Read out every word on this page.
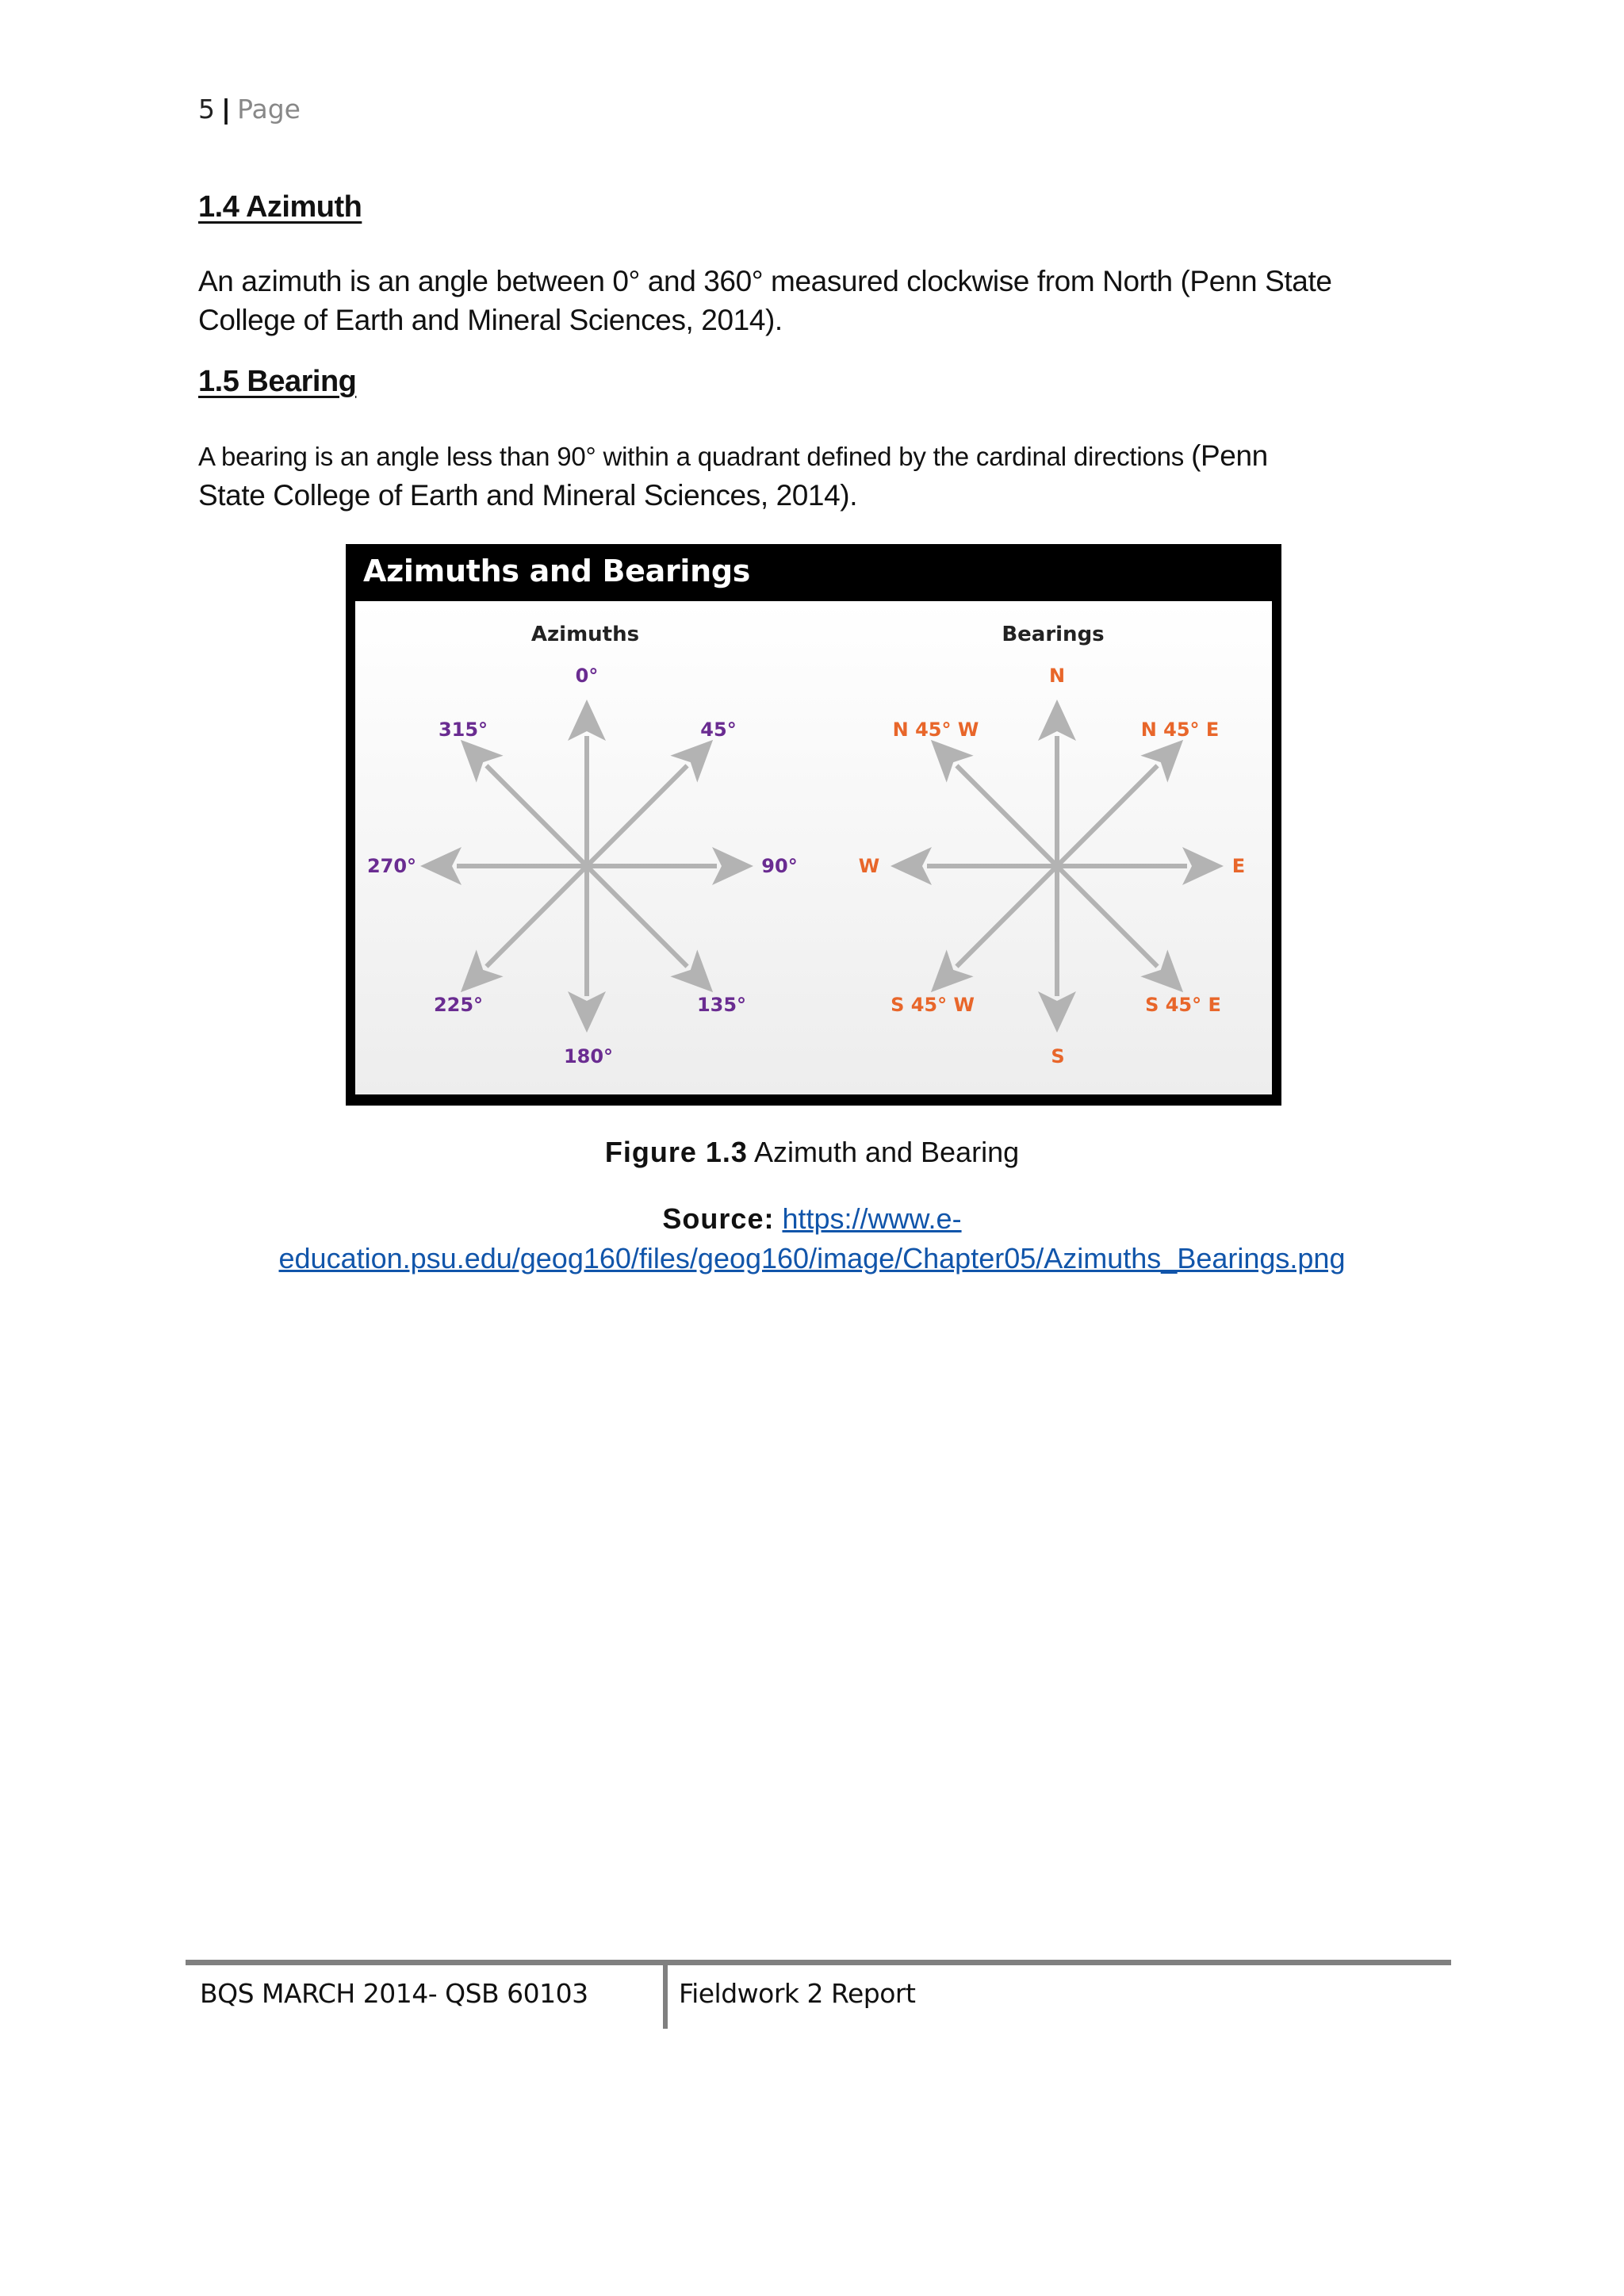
5 | Page
1.4 Azimuth
An azimuth is an angle between 0° and 360° measured clockwise from North (Penn State
College of Earth and Mineral Sciences, 2014).
1.5 Bearing
A bearing is an angle less than 90° within a quadrant defined by the cardinal directions (Penn
State College of Earth and Mineral Sciences, 2014).
Azimuths and Bearings
Azimuths	Bearings
0°
315°	45°
270°	90°
225°	135°
180°
N
N 45° W	N 45° E
W	E
S 45° W	S 45° E
S
Figure 1.3 Azimuth and Bearing
Source: https://www.e-
education.psu.edu/geog160/files/geog160/image/Chapter05/Azimuths_Bearings.png
BQS MARCH 2014- QSB 60103	Fieldwork 2 Report
